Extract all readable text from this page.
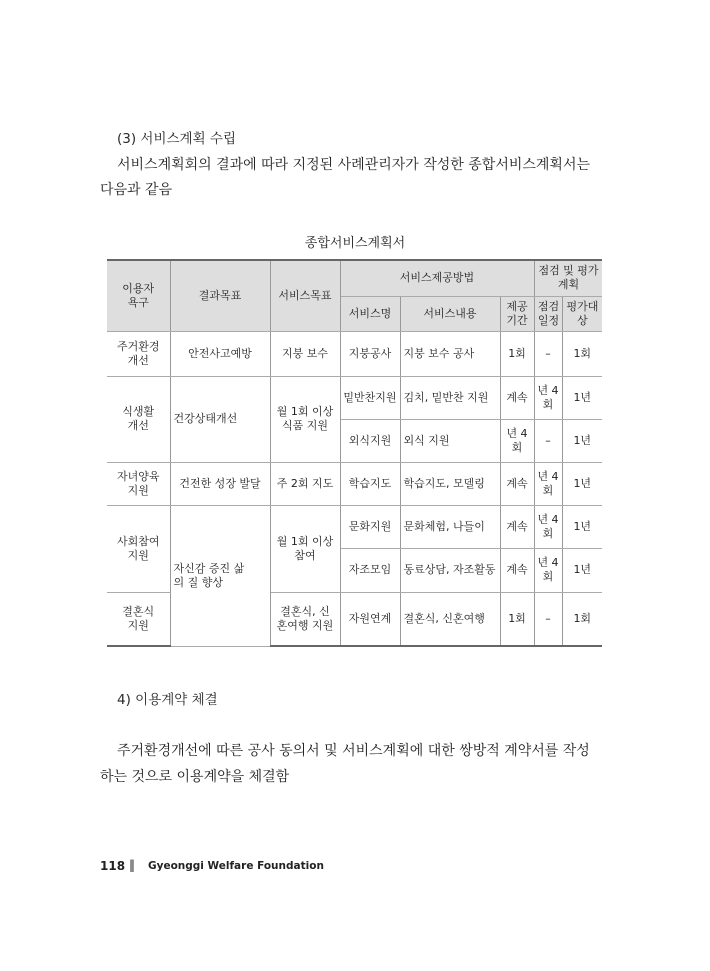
(3) 서비스계획 수립
서비스계획회의 결과에 따라 지정된 사례관리자가 작성한 종합서비스계획서는
다음과 같음
종합서비스계획서
이용자 욕구	결과목표	서비스목표	서비스제공방법			점검 및 평가 계획	
			서비스명	서비스내용	제공 기간	점검 일정	평가대 상
주거환경 개선	안전사고예방	지붕 보수	지붕공사	지붕 보수 공사	1회	–	1회
식생활 개선	건강상태개선	월 1회 이상 식품 지원	밑반찬지원	김치, 밑반찬 지원	계속	년 4회	1년
			외식지원	외식 지원	년 4회	–	1년
자녀양육 지원	건전한 성장 발달	주 2회 지도	학습지도	학습지도, 모델링	계속	년 4회	1년
사회참여 지원	자신감 증진 삶의 질 향상	월 1회 이상 참여	문화지원	문화체험, 나들이	계속	년 4회	1년
			자조모임	동료상담, 자조활동	계속	년 4회	1년
결혼식 지원		결혼식, 신혼여행 지원	자원연계	결혼식, 신혼여행	1회	–	1회
4) 이용계약 체결
주거환경개선에 따른 공사 동의서 및 서비스계획에 대한 쌍방적 계약서를 작성
하는 것으로 이용계약을 체결함
118 ‖ Gyeonggi Welfare Foundation
